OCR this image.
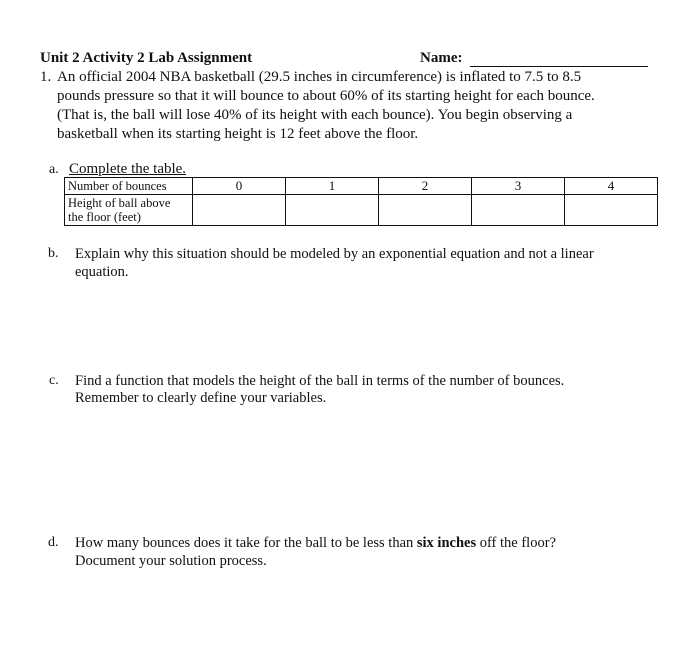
Unit 2 Activity 2 Lab Assignment	Name:
1. An official 2004 NBA basketball (29.5 inches in circumference) is inflated to 7.5 to 8.5
pounds pressure so that it will bounce to about 60% of its starting height for each bounce.
(That is, the ball will lose 40% of its height with each bounce). You begin observing a
basketball when its starting height is 12 feet above the floor.
a. Complete the table.
Number of bounces	0	1	2	3	4

Height of ball above
the floor (feet)					

b. Explain why this situation should be modeled by an exponential equation and not a linear
equation.
c. Find a function that models the height of the ball in terms of the number of bounces.
Remember to clearly define your variables.
d. How many bounces does it take for the ball to be less than six inches off the floor?
Document your solution process.
